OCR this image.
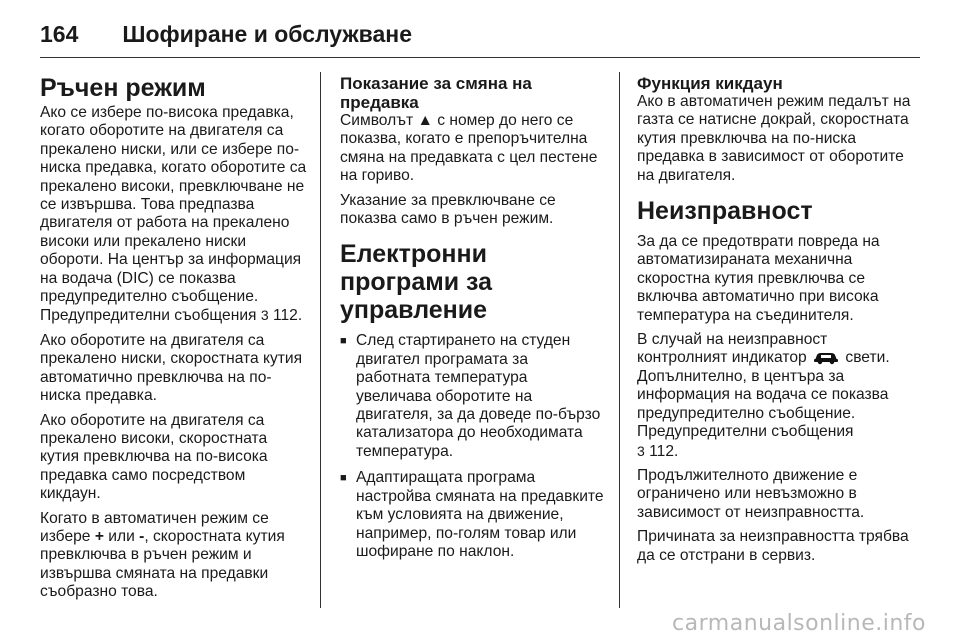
164 Шофиране и обслужване
Ръчен режим

Ако се избере по-висока предавка, когато оборотите на двигателя са прекалено ниски, или се избере по-ниска предавка, когато оборотите са прекалено високи, превключване не се извършва. Това предпазва двигателя от работа на прекалено високи или прекалено ниски обороти. На център за информация на водача (DIC) се показва предупредително съобщение. Предупредителни съобщения 3 112.

Ако оборотите на двигателя са прекалено ниски, скоростната кутия автоматично превключва на по-ниска предавка.

Ако оборотите на двигателя са прекалено високи, скоростната кутия превключва на по-висока предавка само посредством кикдаун.

Когато в автоматичен режим се избере + или -, скоростната кутия превключва в ръчен режим и извършва смяната на предавки съобразно това.

Показание за смяна на предавка

Символът ▲ с номер до него се показва, когато е препоръчителна смяна на предавката с цел пестене на гориво.

Указание за превключване се показва само в ръчен режим.

Електронни програми за управление
■ След стартирането на студен двигател програмата за работната температура увеличава оборотите на двигателя, за да доведе по-бързо катализатора до необходимата температура.
■ Адаптиращата програма настройва смяната на предавките към условията на движение, например, по-голям товар или шофиране по наклон.
Функция кикдаун

Ако в автоматичен режим педалът на газта се натисне докрай, скоростната кутия превключва на по-ниска предавка в зависимост от оборотите на двигателя.

Неизправност

За да се предотврати повреда на автоматизираната механична скоростна кутия превключва се включва автоматично при висока температура на съединителя.

В случай на неизправност контролният индикатор свети. Допълнително, в центъра за информация на водача се показва предупредително съобщение. Предупредителни съобщения
3 112.

Продължителното движение е ограничено или невъзможно в зависимост от неизправността.

Причината за неизправността трябва да се отстрани в сервиз.

carmanualsonline.info
